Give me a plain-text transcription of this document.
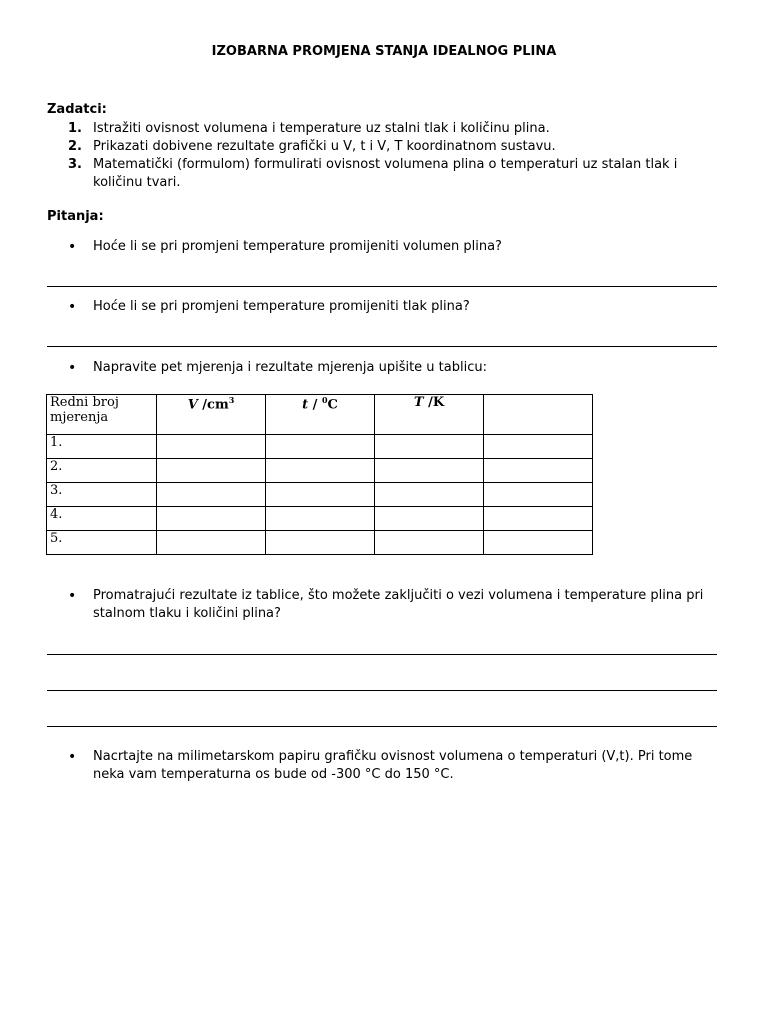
IZOBARNA PROMJENA STANJA IDEALNOG PLINA
Zadatci:
1. Istražiti ovisnost volumena i temperature uz stalni tlak i količinu plina.
2. Prikazati dobivene rezultate grafički u V, t i V, T koordinatnom sustavu.
3. Matematički (formulom) formulirati ovisnost volumena plina o temperaturi uz stalan tlak i količinu tvari.
Pitanja:
• Hoće li se pri promjeni temperature promijeniti volumen plina?
• Hoće li se pri promjeni temperature promijeniti tlak plina?
• Napravite pet mjerenja i rezultate mjerenja upišite u tablicu:
Redni broj mjerenja	V $/cm^3$	t / $^0$C	T /K	
1.				
2.				
3.				
4.				
5.				
• Promatrajući rezultate iz tablice, što možete zaključiti o vezi volumena i temperature plina pri stalnom tlaku i količini plina?
• Nacrtajte na milimetarskom papiru grafičku ovisnost volumena o temperaturi (V,t). Pri tome neka vam temperaturna os bude od -300 °C do 150 °C.
